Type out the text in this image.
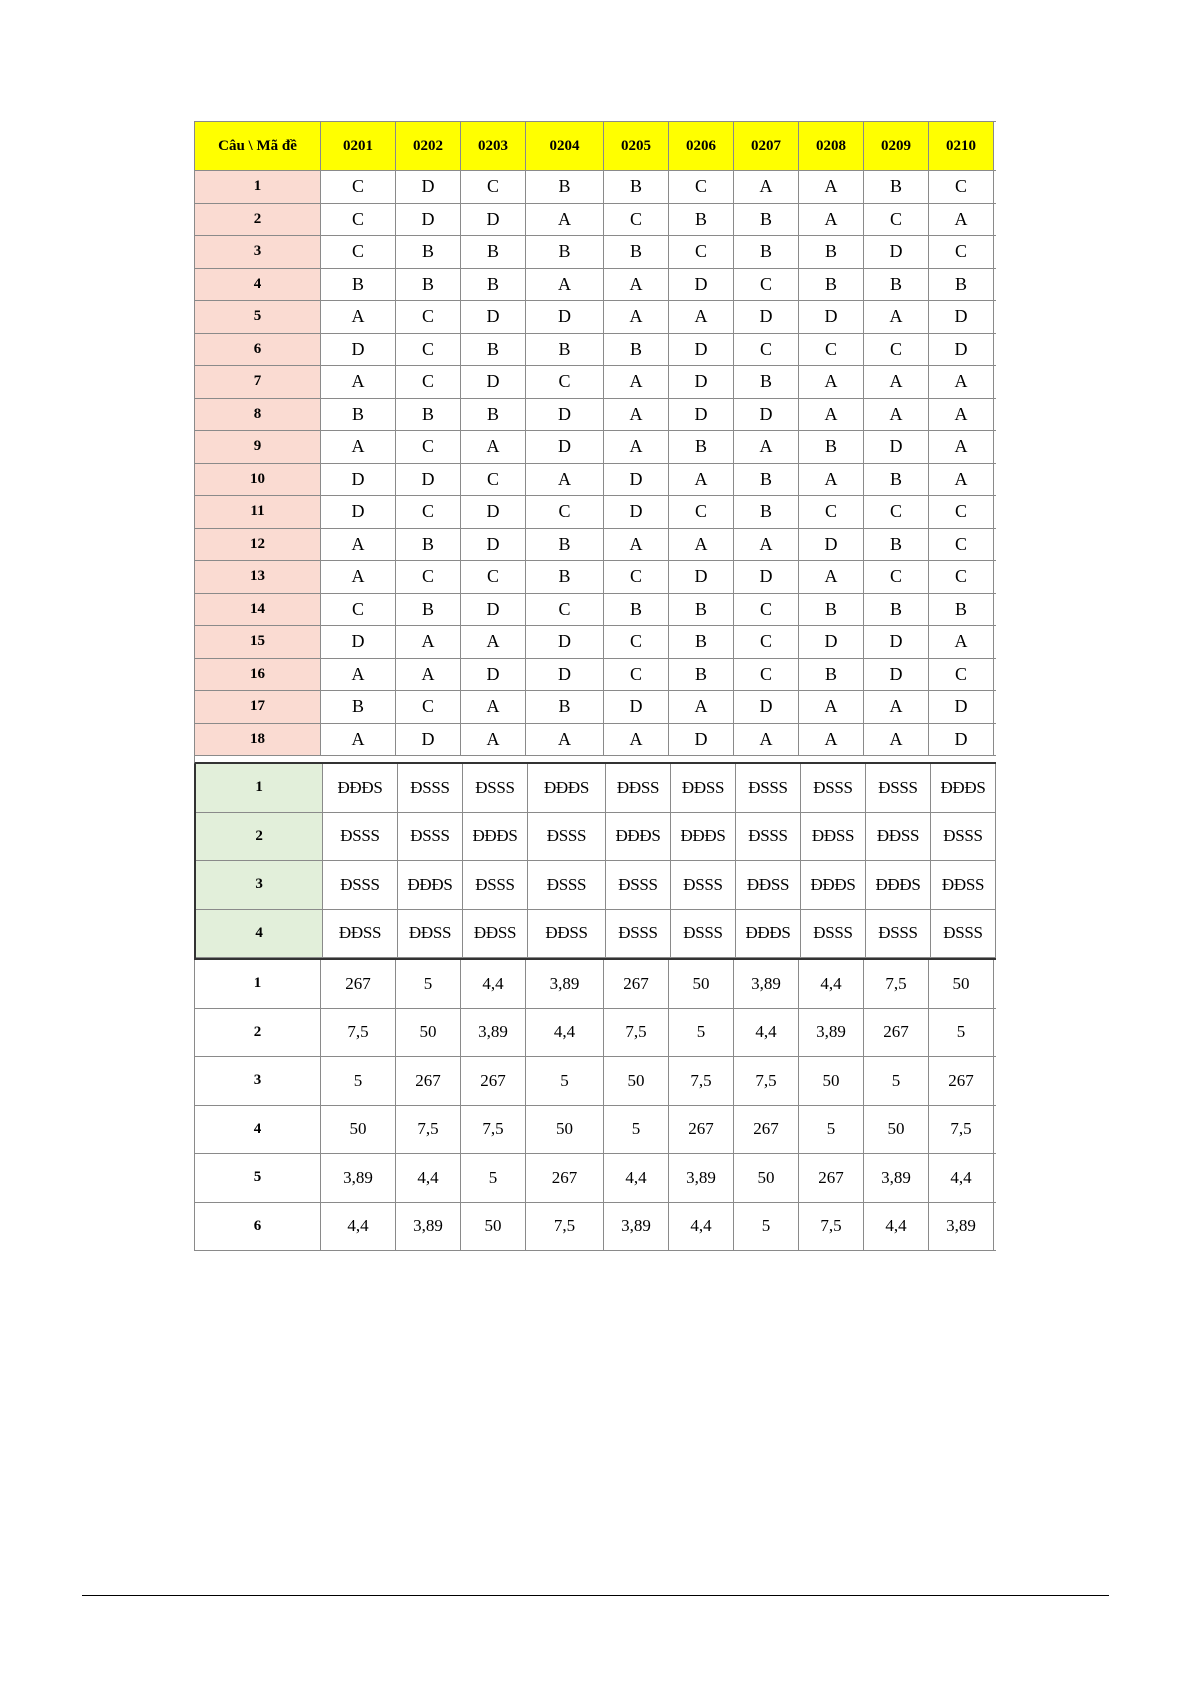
Câu \ Mã đề	0201	0202	0203	0204	0205	0206	0207	0208	0209	0210
1	C	D	C	B	B	C	A	A	B	C
2	C	D	D	A	C	B	B	A	C	A
3	C	B	B	B	B	C	B	B	D	C
4	B	B	B	A	A	D	C	B	B	B
5	A	C	D	D	A	A	D	D	A	D
6	D	C	B	B	B	D	C	C	C	D
7	A	C	D	C	A	D	B	A	A	A
8	B	B	B	D	A	D	D	A	A	A
9	A	C	A	D	A	B	A	B	D	A
10	D	D	C	A	D	A	B	A	B	A
11	D	C	D	C	D	C	B	C	C	C
12	A	B	D	B	A	A	A	D	B	C
13	A	C	C	B	C	D	D	A	C	C
14	C	B	D	C	B	B	C	B	B	B
15	D	A	A	D	C	B	C	D	D	A
16	A	A	D	D	C	B	C	B	D	C
17	B	C	A	B	D	A	D	A	A	D
18	A	D	A	A	A	D	A	A	A	D
1	ĐĐĐS	ĐSSS	ĐSSS	ĐĐĐS	ĐĐSS	ĐĐSS	ĐSSS	ĐSSS	ĐSSS	ĐĐĐS
2	ĐSSS	ĐSSS	ĐĐĐS	ĐSSS	ĐĐĐS	ĐĐĐS	ĐSSS	ĐĐSS	ĐĐSS	ĐSSS
3	ĐSSS	ĐĐĐS	ĐSSS	ĐSSS	ĐSSS	ĐSSS	ĐĐSS	ĐĐĐS	ĐĐĐS	ĐĐSS
4	ĐĐSS	ĐĐSS	ĐĐSS	ĐĐSS	ĐSSS	ĐSSS	ĐĐĐS	ĐSSS	ĐSSS	ĐSSS
1	267	5	4,4	3,89	267	50	3,89	4,4	7,5	50
2	7,5	50	3,89	4,4	7,5	5	4,4	3,89	267	5
3	5	267	267	5	50	7,5	7,5	50	5	267
4	50	7,5	7,5	50	5	267	267	5	50	7,5
5	3,89	4,4	5	267	4,4	3,89	50	267	3,89	4,4
6	4,4	3,89	50	7,5	3,89	4,4	5	7,5	4,4	3,89
